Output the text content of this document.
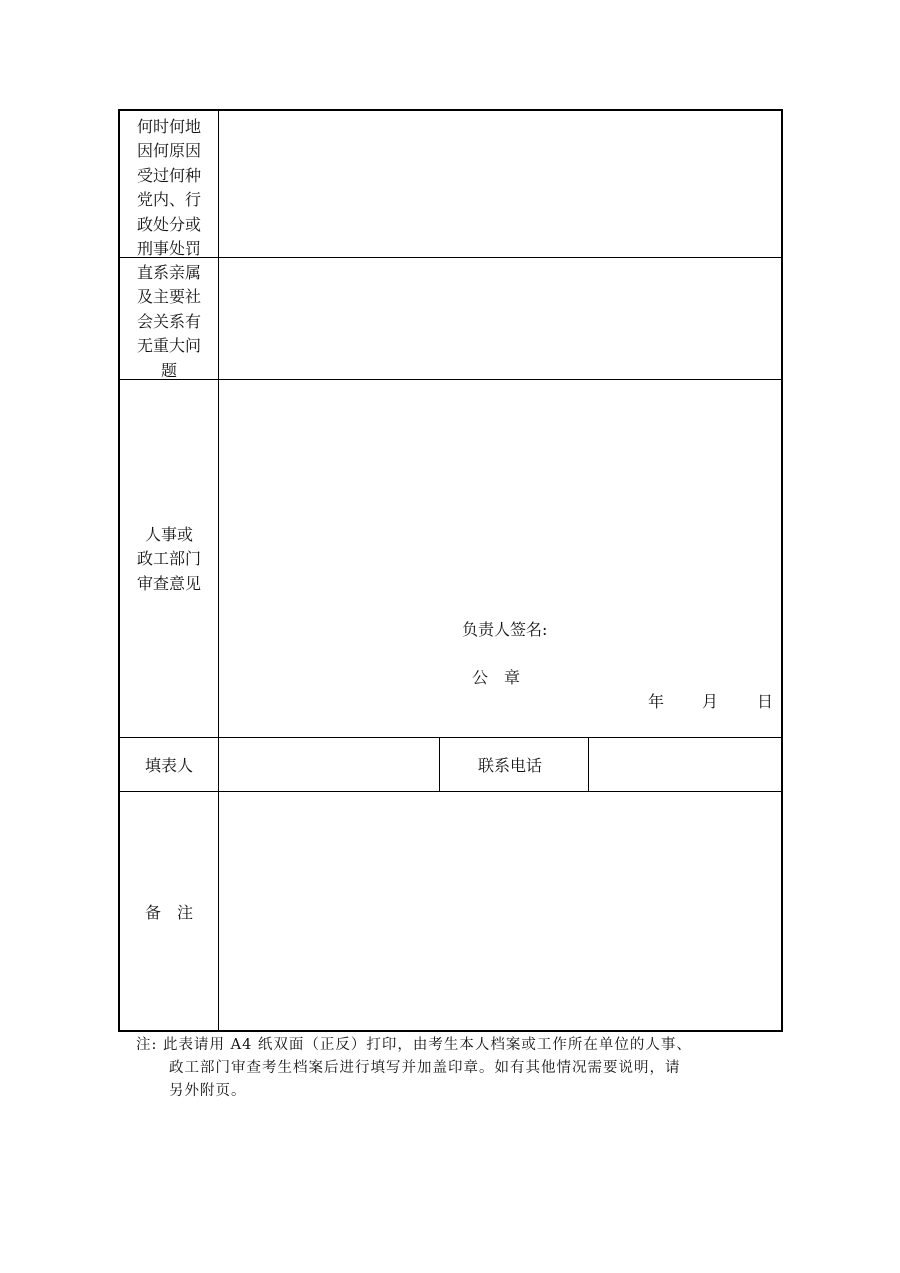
何时何地
因何原因
受过何种
党内、行
政处分或
刑事处罚
直系亲属
及主要社
会关系有
无重大问
题
人事或
政工部门
审查意见
负责人签名:
公　章
年 月 日
填表人	联系电话
备　注
注: 此表请用 A4 纸双面（正反）打印，由考生本人档案或工作所在单位的人事、
政工部门审查考生档案后进行填写并加盖印章。如有其他情况需要说明，请
另外附页。
